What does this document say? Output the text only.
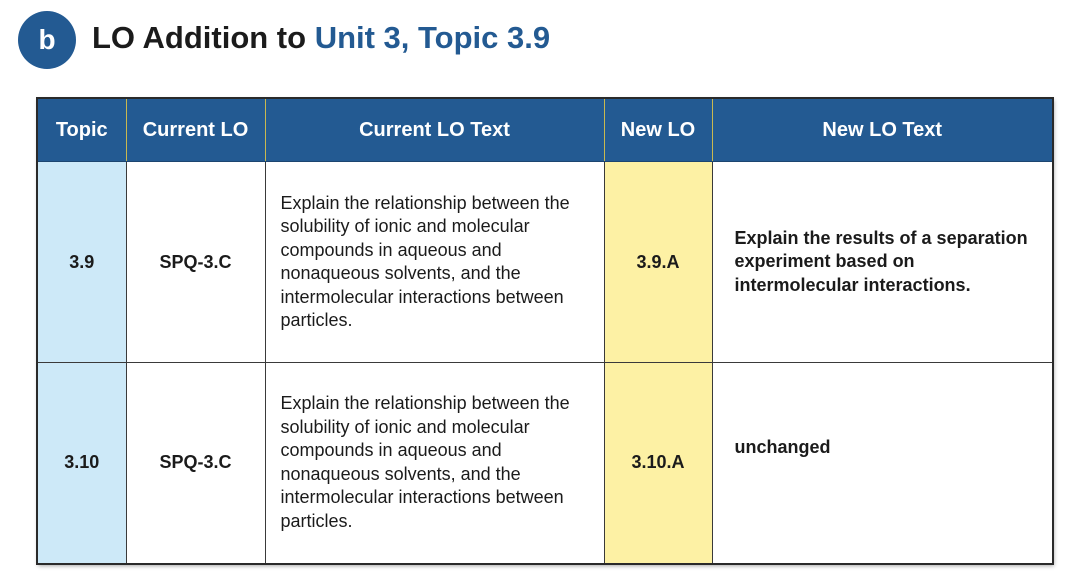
b	LO Addition to Unit 3, Topic 3.9
Topic	Current LO	Current LO Text	New LO	New LO Text
3.9	SPQ-3.C	Explain the relationship between the solubility of ionic and molecular compounds in aqueous and nonaqueous solvents, and the intermolecular interactions between particles.	3.9.A	Explain the results of a separation experiment based on intermolecular interactions.
3.10	SPQ-3.C	Explain the relationship between the solubility of ionic and molecular compounds in aqueous and nonaqueous solvents, and the intermolecular interactions between particles.	3.10.A	unchanged
